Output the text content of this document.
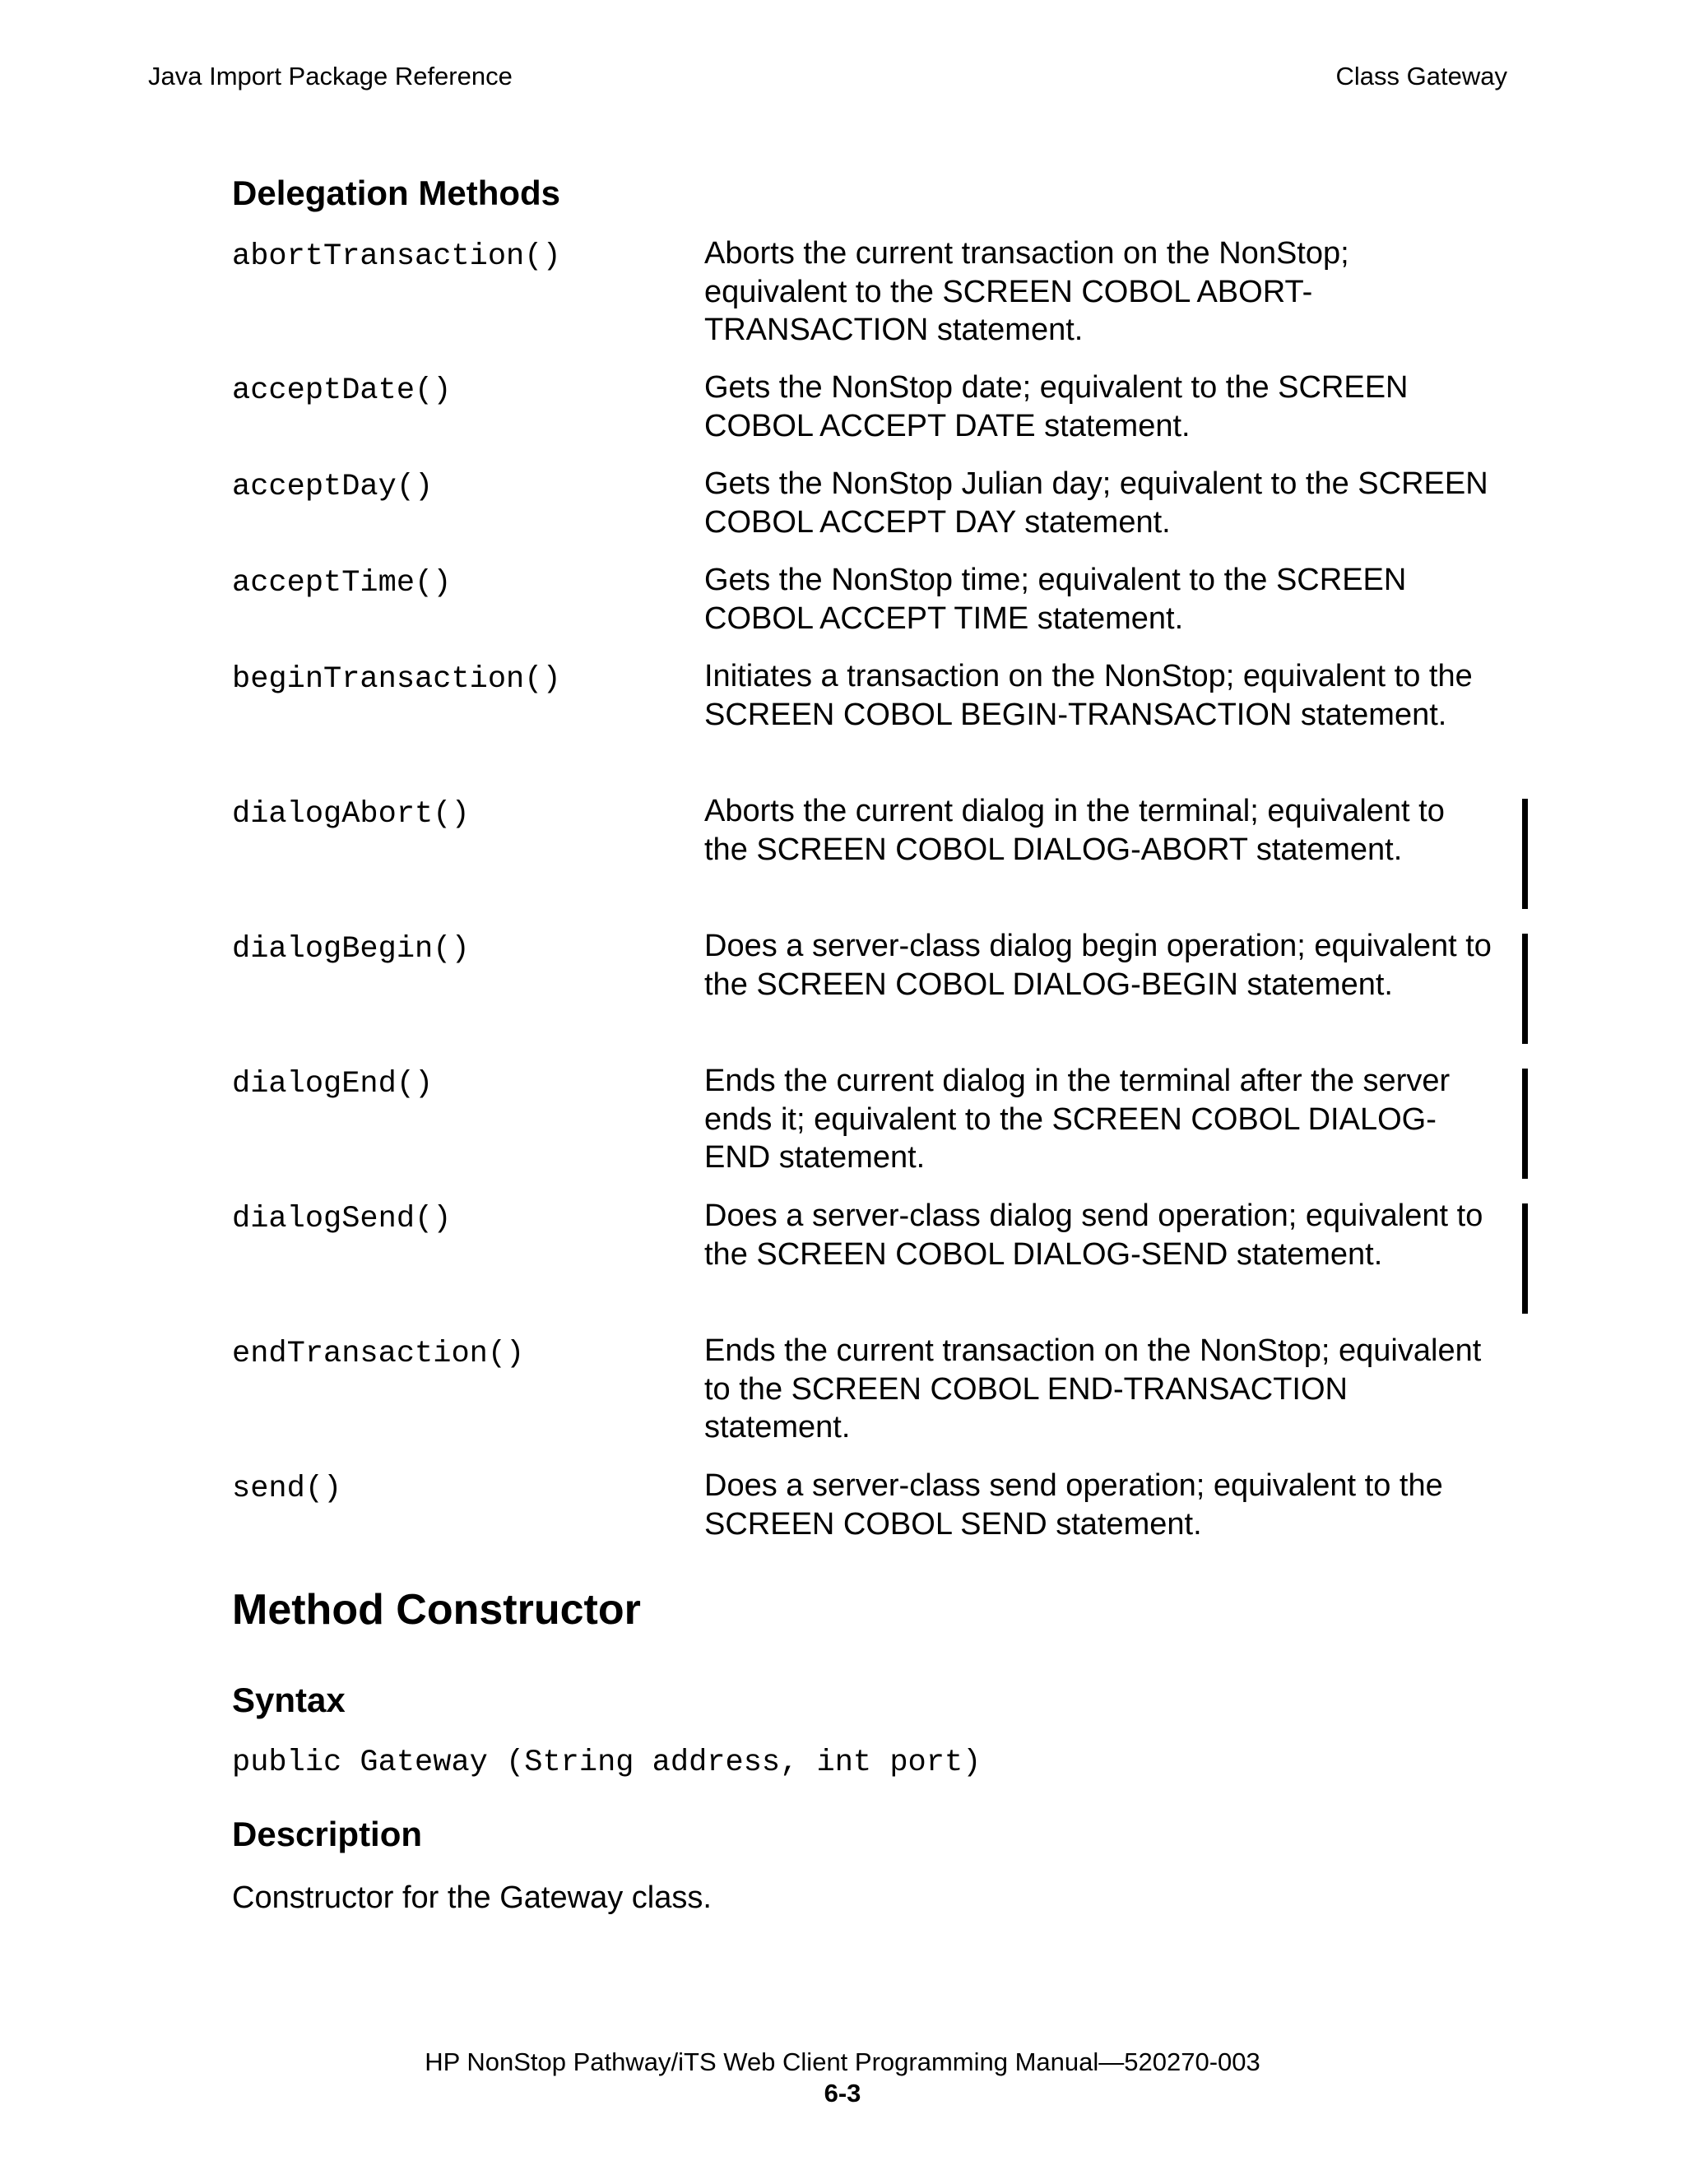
Java Import Package Reference	Class Gateway
Delegation Methods
abortTransaction()	Aborts the current transaction on the NonStop; equivalent to the SCREEN COBOL ABORT-TRANSACTION statement.
acceptDate()	Gets the NonStop date; equivalent to the SCREEN COBOL ACCEPT DATE statement.
acceptDay()	Gets the NonStop Julian day; equivalent to the SCREEN COBOL ACCEPT DAY statement.
acceptTime()	Gets the NonStop time; equivalent to the SCREEN COBOL ACCEPT TIME statement.
beginTransaction()	Initiates a transaction on the NonStop; equivalent to the SCREEN COBOL BEGIN-TRANSACTION statement.
dialogAbort()	Aborts the current dialog in the terminal; equivalent to the SCREEN COBOL DIALOG-ABORT statement.
dialogBegin()	Does a server-class dialog begin operation; equivalent to the SCREEN COBOL DIALOG-BEGIN statement.
dialogEnd()	Ends the current dialog in the terminal after the server ends it; equivalent to the SCREEN COBOL DIALOG-END statement.
dialogSend()	Does a server-class dialog send operation; equivalent to the SCREEN COBOL DIALOG-SEND statement.
endTransaction()	Ends the current transaction on the NonStop; equivalent to the SCREEN COBOL END-TRANSACTION statement.
send()	Does a server-class send operation; equivalent to the SCREEN COBOL SEND statement.
Method Constructor
Syntax
public Gateway (String address, int port)
Description
Constructor for the Gateway class.
HP NonStop Pathway/iTS Web Client Programming Manual—520270-003
6-3
